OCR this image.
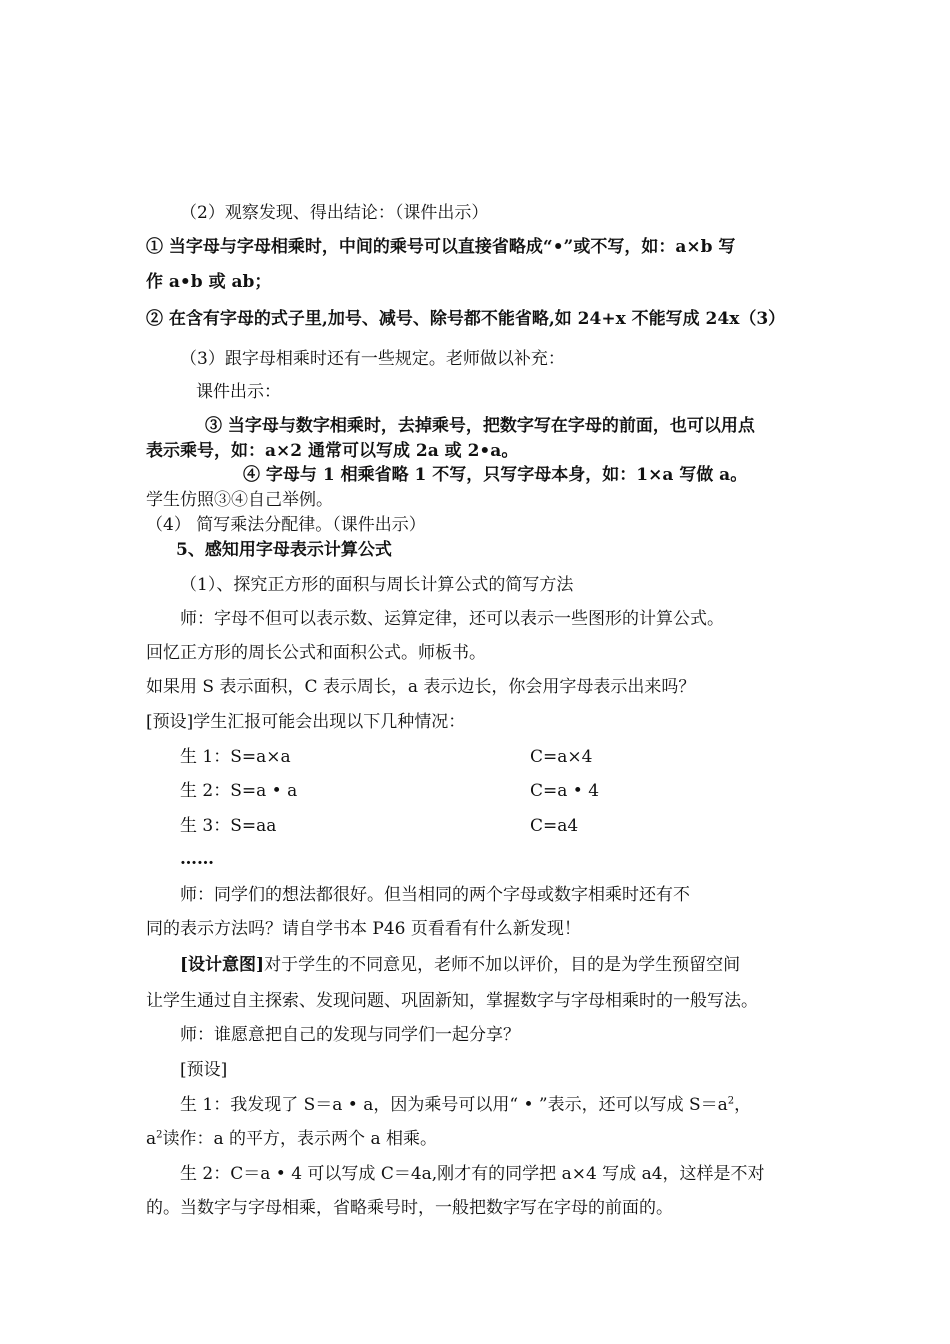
（2）观察发现、得出结论：（课件出示）
① 当字母与字母相乘时，中间的乘号可以直接省略成“•”或不写，如：a×b 写
作 a•b 或 ab；
② 在含有字母的式子里,加号、减号、除号都不能省略,如 24+x 不能写成 24x（3）
（3）跟字母相乘时还有一些规定。老师做以补充：
课件出示：
③ 当字母与数字相乘时，去掉乘号，把数字写在字母的前面，也可以用点
表示乘号，如：a×2 通常可以写成 2a 或 2•a。
④ 字母与 1 相乘省略 1 不写，只写字母本身，如：1×a 写做 a。
学生仿照③④自己举例。
（4） 简写乘法分配律。（课件出示）
5、感知用字母表示计算公式
（1）、探究正方形的面积与周长计算公式的简写方法
师：字母不但可以表示数、运算定律，还可以表示一些图形的计算公式。
回忆正方形的周长公式和面积公式。师板书。
如果用 S 表示面积，C 表示周长，a 表示边长，你会用字母表示出来吗？
[预设]学生汇报可能会出现以下几种情况：
生 1：S=a×a	C=a×4
生 2：S=a • a	C=a • 4
生 3：S=aa	C=a4
……
师：同学们的想法都很好。但当相同的两个字母或数字相乘时还有不
同的表示方法吗？请自学书本 P46 页看看有什么新发现！
[设计意图]对于学生的不同意见，老师不加以评价，目的是为学生预留空间
让学生通过自主探索、发现问题、巩固新知，掌握数字与字母相乘时的一般写法。
师：谁愿意把自己的发现与同学们一起分享？
[预设]
生 1：我发现了 S＝a • a，因为乘号可以用“ • ”表示，还可以写成 $S=a^2$，
$a^2$读作：a 的平方，表示两个 a 相乘。
生 2：C＝a • 4 可以写成 C＝4a,刚才有的同学把 a×4 写成 a4，这样是不对
的。当数字与字母相乘，省略乘号时，一般把数字写在字母的前面的。
